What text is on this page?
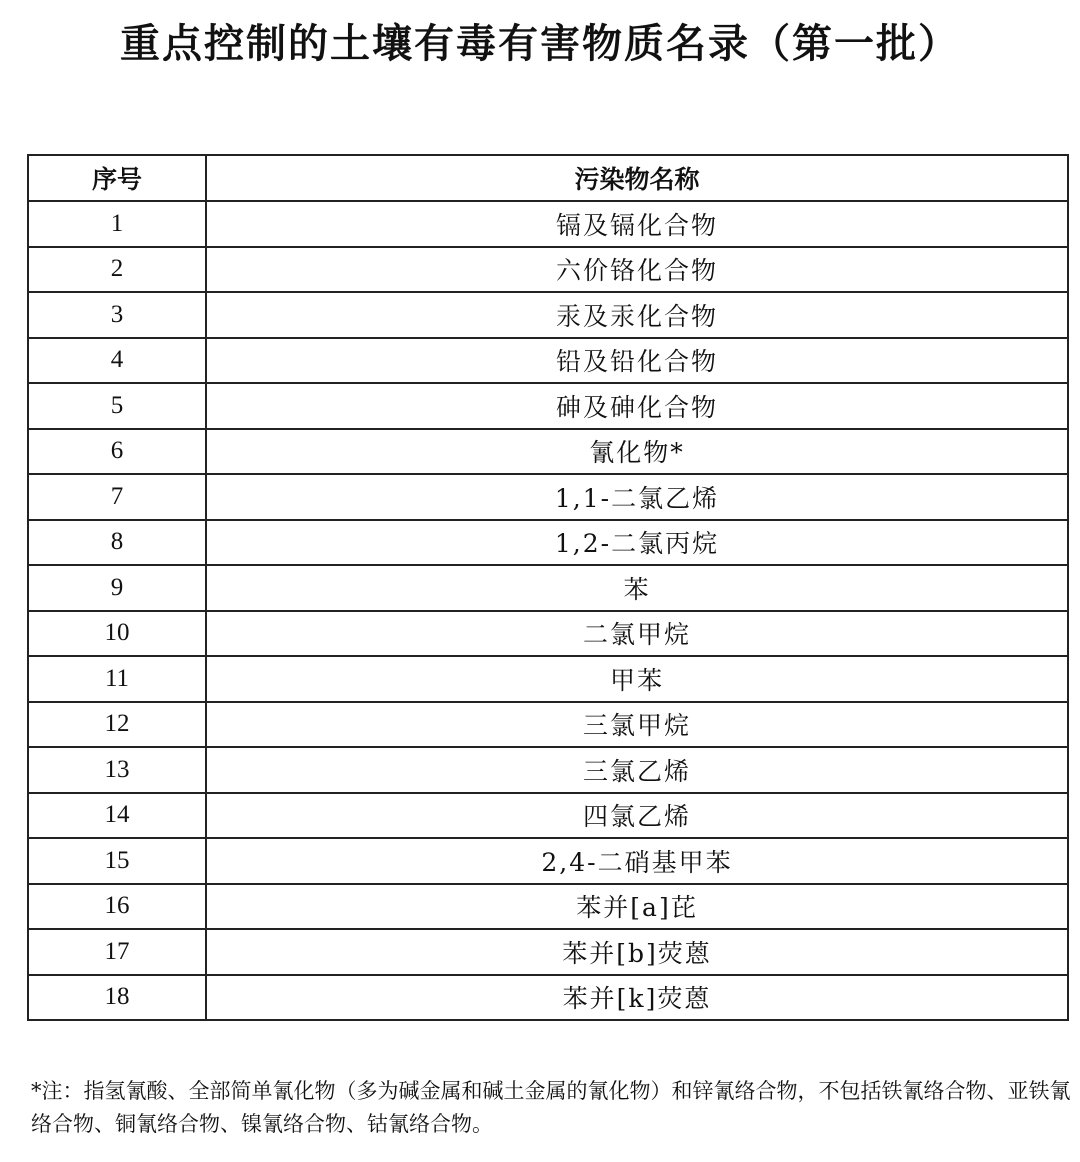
重点控制的土壤有毒有害物质名录（第一批）
序号	污染物名称
1	镉及镉化合物
2	六价铬化合物
3	汞及汞化合物
4	铅及铅化合物
5	砷及砷化合物
6	氰化物*
7	1,1-二氯乙烯
8	1,2-二氯丙烷
9	苯
10	二氯甲烷
11	甲苯
12	三氯甲烷
13	三氯乙烯
14	四氯乙烯
15	2,4-二硝基甲苯
16	苯并[a]芘
17	苯并[b]荧蒽
18	苯并[k]荧蒽
*注：指氢氰酸、全部简单氰化物（多为碱金属和碱土金属的氰化物）和锌氰络合物，不包括铁氰络合物、亚铁氰络合物、铜氰络合物、镍氰络合物、钴氰络合物。
